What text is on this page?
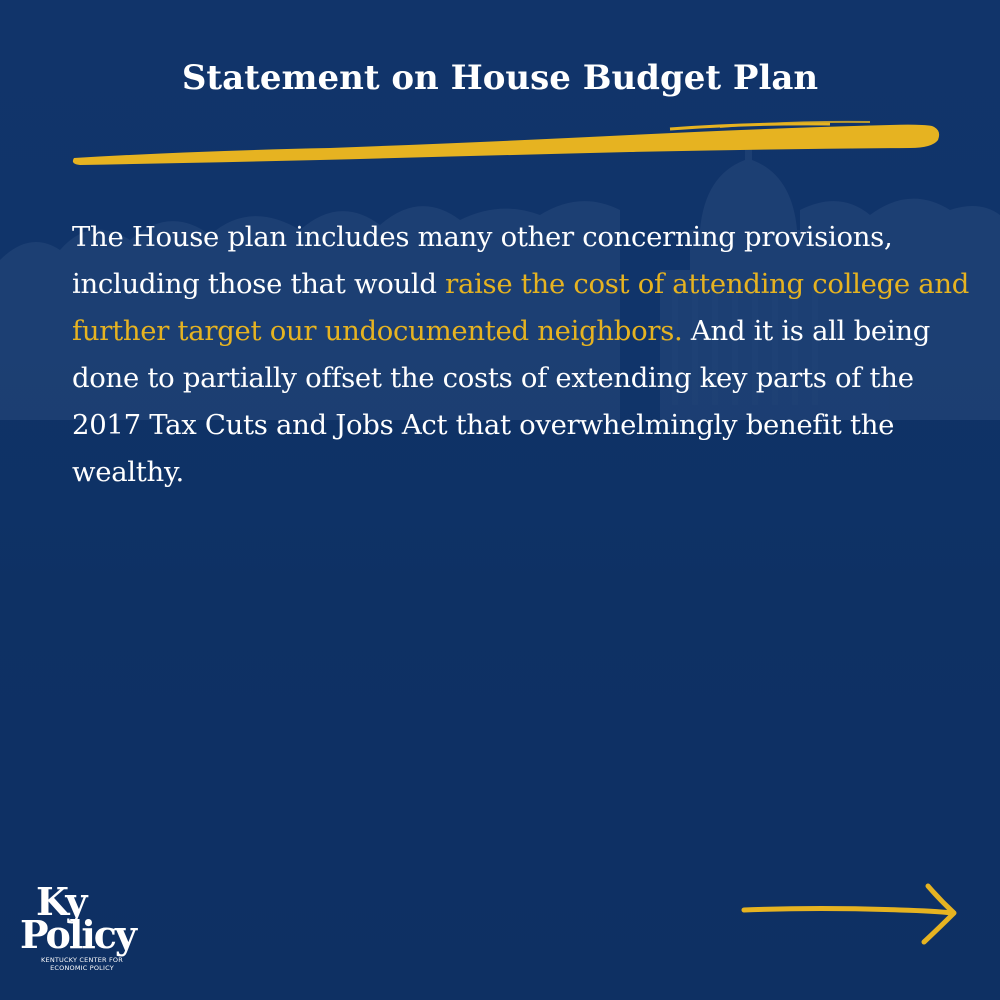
Statement on House Budget Plan
The House plan includes many other concerning provisions, including those that would raise the cost of attending college and further target our undocumented neighbors. And it is all being done to partially offset the costs of extending key parts of the 2017 Tax Cuts and Jobs Act that overwhelmingly benefit the wealthy.
Ky
Policy
KENTUCKY CENTER FOR
ECONOMIC POLICY
